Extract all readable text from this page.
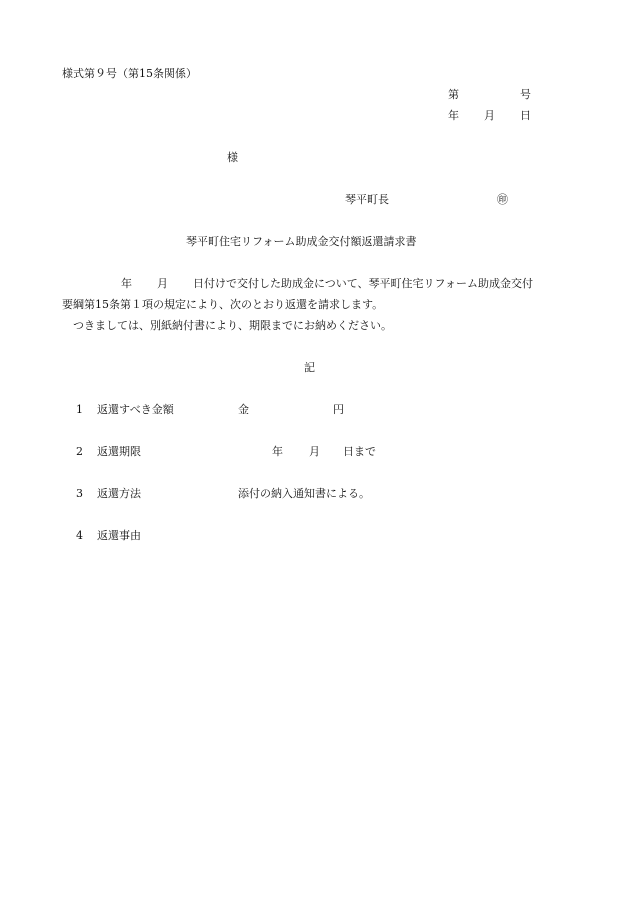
様式第９号（第15条関係）
第	号
年 月 日
様
琴平町長	㊞
琴平町住宅リフォーム助成金交付額返還請求書
年 月 日付けで交付した助成金について、琴平町住宅リフォーム助成金交付
要綱第15条第１項の規定により、次のとおり返還を請求します。
　つきましては、別紙納付書により、期限までにお納めください。
記
1 返還すべき金額	金	円
2 返還期限	年 月 日まで
3 返還方法	添付の納入通知書による。
4 返還事由
